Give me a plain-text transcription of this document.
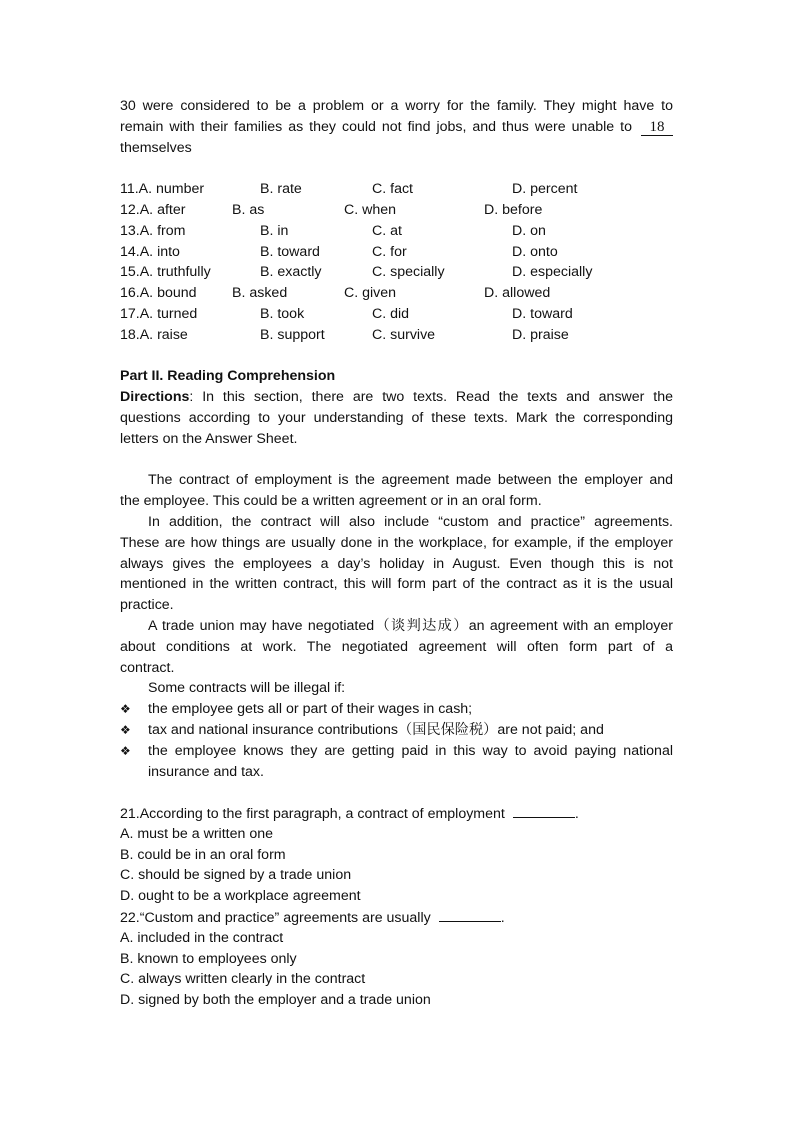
30 were considered to be a problem or a worry for the family. They might have to
remain with their families as they could not find jobs, and thus were unable to	18
themselves
11.A. number	B. rate	C. fact	D. percent
12.A. after	B. as	C. when	D. before
13.A. from	B. in	C. at	D. on
14.A. into	B. toward	C. for	D. onto
15.A. truthfully	B. exactly	C. specially	D. especially
16.A. bound B. asked	C. given	D. allowed
17.A. turned	B. took	C. did	D. toward
18.A. raise	B. support	C. survive	D. praise
Part II. Reading Comprehension
Directions: In this section, there are two texts. Read the texts and answer the
questions according to your understanding of these texts. Mark the corresponding
letters on the Answer Sheet.
The contract of employment is the agreement made between the employer and
the employee. This could be a written agreement or in an oral form.
In addition, the contract will also include “custom and practice” agreements.
These are how things are usually done in the workplace, for example, if the employer
always gives the employees a day’s holiday in August. Even though this is not
mentioned in the written contract, this will form part of the contract as it is the usual
practice.
A trade union may have negotiated（谈判达成）an agreement with an employer
about conditions at work. The negotiated agreement will often form part of a
contract.
Some contracts will be illegal if:
❖ the employee gets all or part of their wages in cash;
❖ tax and national insurance contributions（国民保险税）are not paid; and
❖ the employee knows they are getting paid in this way to avoid paying national
insurance and tax.
21.According to the first paragraph, a contract of employment	.
A. must be a written one
B. could be in an oral form
C. should be signed by a trade union
D. ought to be a workplace agreement
22.“Custom and practice” agreements are usually	.
A. included in the contract
B. known to employees only
C. always written clearly in the contract
D. signed by both the employer and a trade union
